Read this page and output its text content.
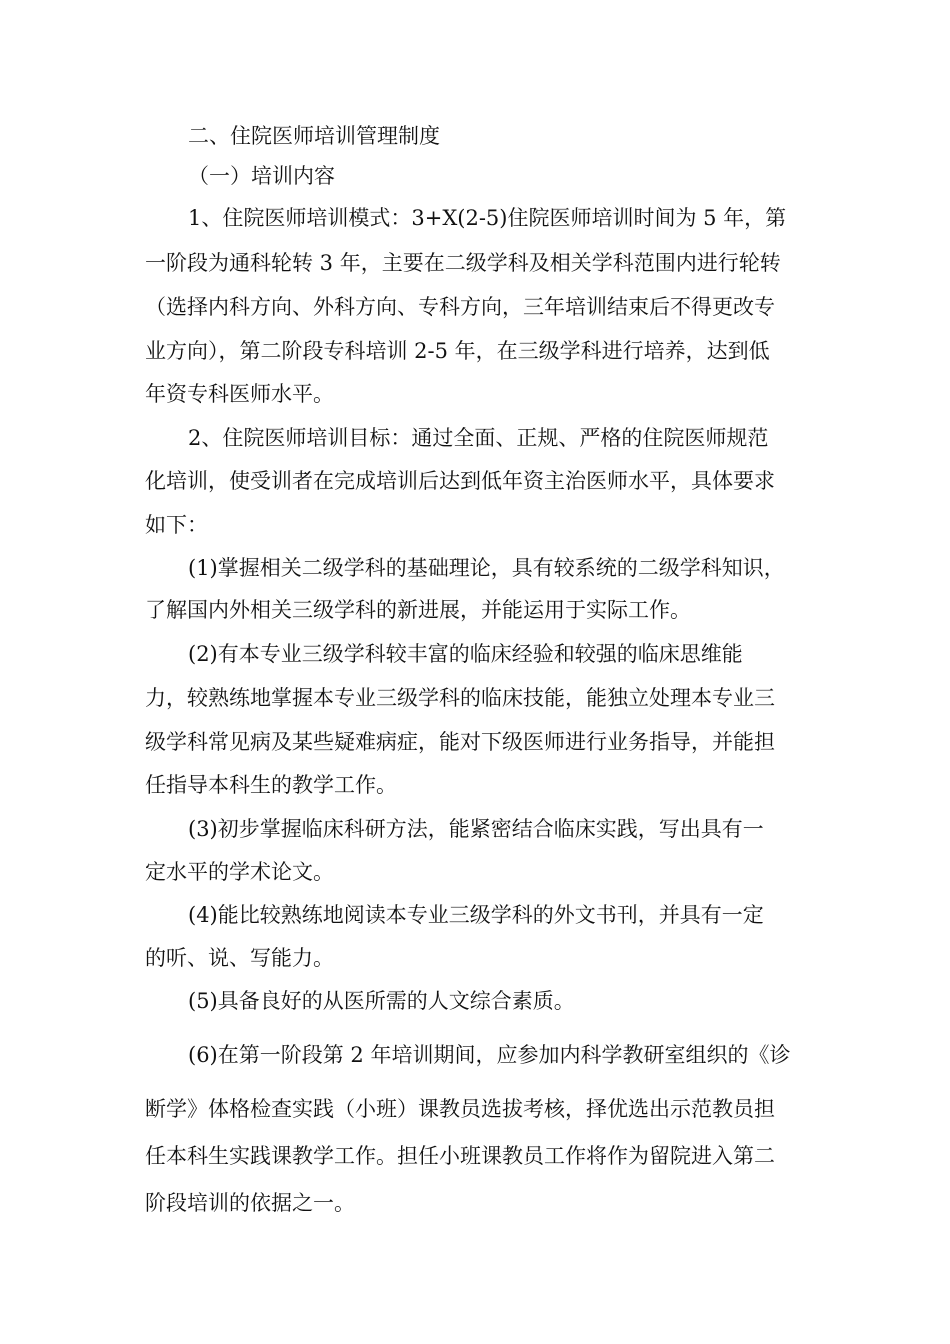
二、住院医师培训管理制度
（一）培训内容
1、住院医师培训模式：3+X(2-5)住院医师培训时间为 5 年，第
一阶段为通科轮转 3 年，主要在二级学科及相关学科范围内进行轮转
（选择内科方向、外科方向、专科方向，三年培训结束后不得更改专
业方向），第二阶段专科培训 2-5 年，在三级学科进行培养，达到低
年资专科医师水平。
2、住院医师培训目标：通过全面、正规、严格的住院医师规范
化培训，使受训者在完成培训后达到低年资主治医师水平，具体要求
如下：
(1)掌握相关二级学科的基础理论，具有较系统的二级学科知识，
了解国内外相关三级学科的新进展，并能运用于实际工作。
(2)有本专业三级学科较丰富的临床经验和较强的临床思维能
力，较熟练地掌握本专业三级学科的临床技能，能独立处理本专业三
级学科常见病及某些疑难病症，能对下级医师进行业务指导，并能担
任指导本科生的教学工作。
(3)初步掌握临床科研方法，能紧密结合临床实践，写出具有一
定水平的学术论文。
(4)能比较熟练地阅读本专业三级学科的外文书刊，并具有一定
的听、说、写能力。
(5)具备良好的从医所需的人文综合素质。
(6)在第一阶段第 2 年培训期间，应参加内科学教研室组织的《诊
断学》体格检查实践（小班）课教员选拔考核，择优选出示范教员担
任本科生实践课教学工作。担任小班课教员工作将作为留院进入第二
阶段培训的依据之一。
